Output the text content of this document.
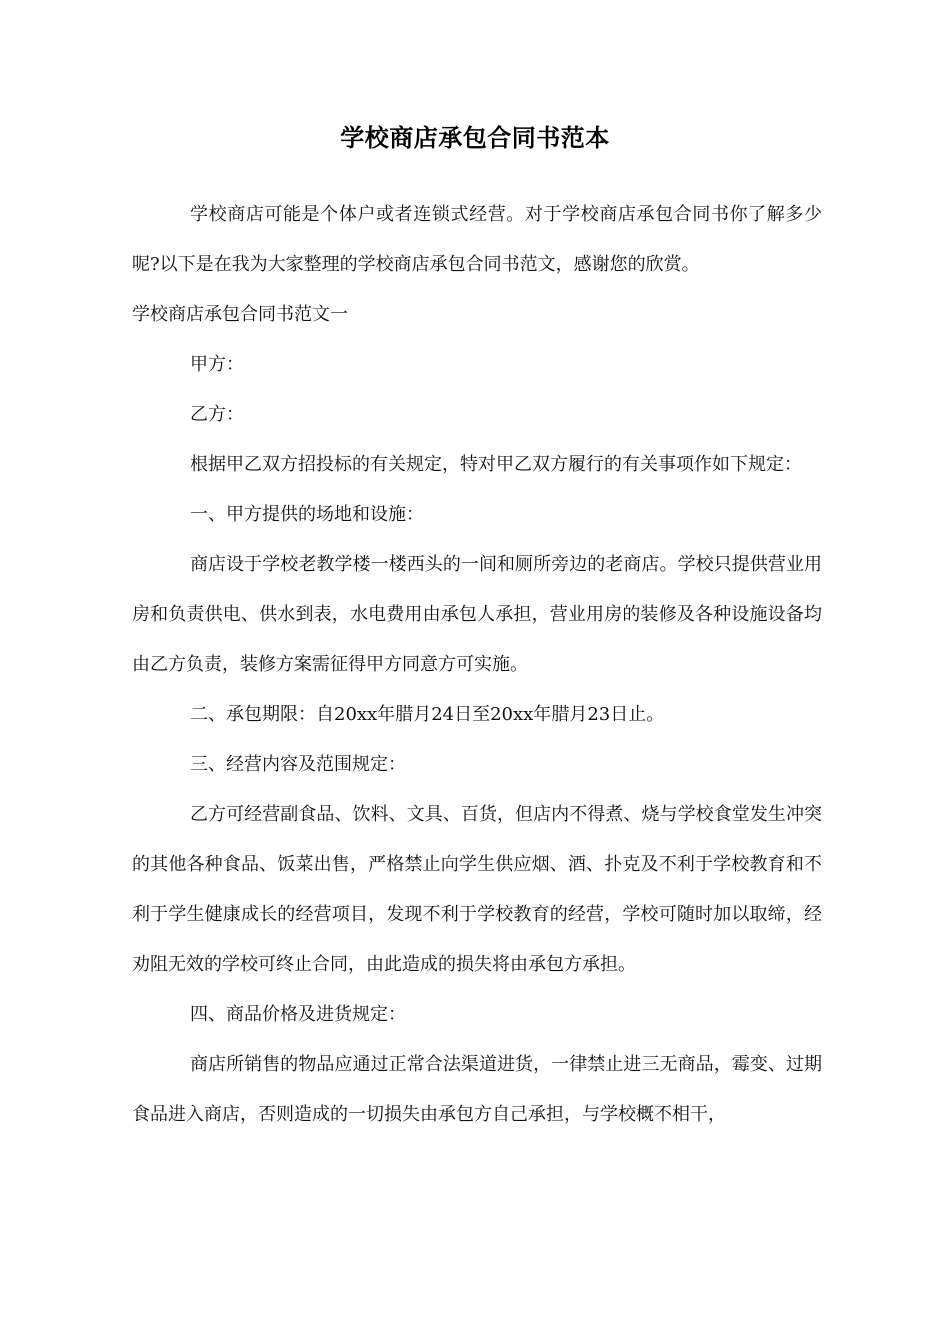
学校商店承包合同书范本

学校商店可能是个体户或者连锁式经营。对于学校商店承包合同书你了解多少呢?以下是在我为大家整理的学校商店承包合同书范文，感谢您的欣赏。

学校商店承包合同书范文一

甲方：

乙方：

根据甲乙双方招投标的有关规定，特对甲乙双方履行的有关事项作如下规定：

一、甲方提供的场地和设施：

商店设于学校老教学楼一楼西头的一间和厕所旁边的老商店。学校只提供营业用房和负责供电、供水到表，水电费用由承包人承担，营业用房的装修及各种设施设备均由乙方负责，装修方案需征得甲方同意方可实施。

二、承包期限：自20xx年腊月24日至20xx年腊月23日止。

三、经营内容及范围规定：

乙方可经营副食品、饮料、文具、百货，但店内不得煮、烧与学校食堂发生冲突的其他各种食品、饭菜出售，严格禁止向学生供应烟、酒、扑克及不利于学校教育和不利于学生健康成长的经营项目，发现不利于学校教育的经营，学校可随时加以取缔，经劝阻无效的学校可终止合同，由此造成的损失将由承包方承担。

四、商品价格及进货规定：

商店所销售的物品应通过正常合法渠道进货，一律禁止进三无商品，霉变、过期食品进入商店，否则造成的一切损失由承包方自己承担，与学校概不相干，
